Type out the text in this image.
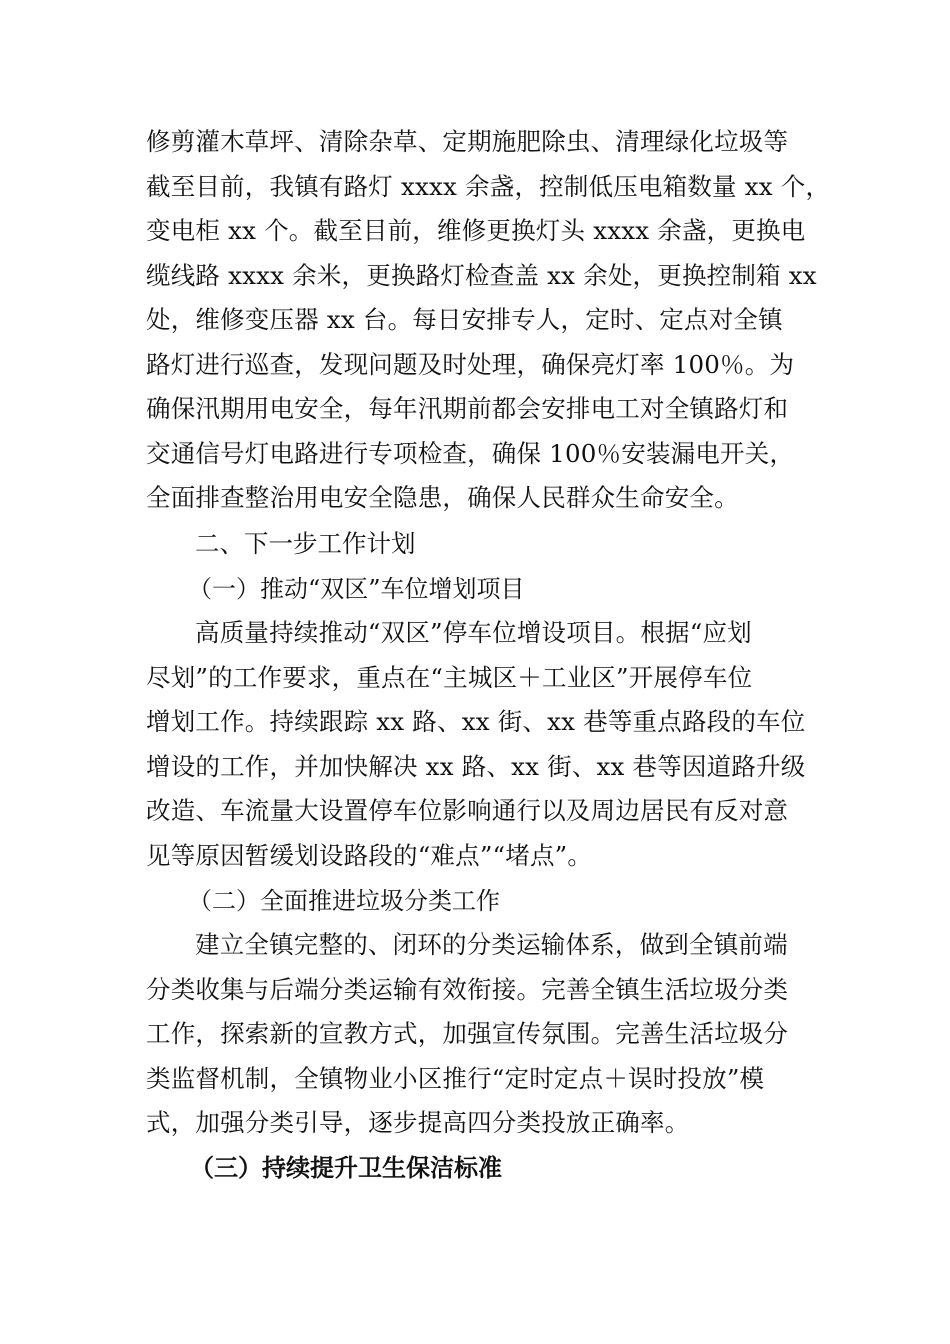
修剪灌木草坪、清除杂草、定期施肥除虫、清理绿化垃圾等
截至目前，我镇有路灯 xxxx 余盏，控制低压电箱数量 xx 个，
变电柜 xx 个。截至目前，维修更换灯头 xxxx 余盏，更换电
缆线路 xxxx 余米，更换路灯检查盖 xx 余处，更换控制箱 xx
处，维修变压器 xx 台。每日安排专人，定时、定点对全镇
路灯进行巡查，发现问题及时处理，确保亮灯率 100％。为
确保汛期用电安全，每年汛期前都会安排电工对全镇路灯和
交通信号灯电路进行专项检查，确保 100％安装漏电开关，
全面排查整治用电安全隐患，确保人民群众生命安全。
二、下一步工作计划
（一）推动“双区”车位增划项目
高质量持续推动“双区”停车位增设项目。根据“应划
尽划”的工作要求，重点在“主城区＋工业区”开展停车位
增划工作。持续跟踪 xx 路、xx 街、xx 巷等重点路段的车位
增设的工作，并加快解决 xx 路、xx 街、xx 巷等因道路升级
改造、车流量大设置停车位影响通行以及周边居民有反对意
见等原因暂缓划设路段的“难点”“堵点”。
（二）全面推进垃圾分类工作
建立全镇完整的、闭环的分类运输体系，做到全镇前端
分类收集与后端分类运输有效衔接。完善全镇生活垃圾分类
工作，探索新的宣教方式，加强宣传氛围。完善生活垃圾分
类监督机制，全镇物业小区推行“定时定点＋误时投放”模
式，加强分类引导，逐步提高四分类投放正确率。
（三）持续提升卫生保洁标准
